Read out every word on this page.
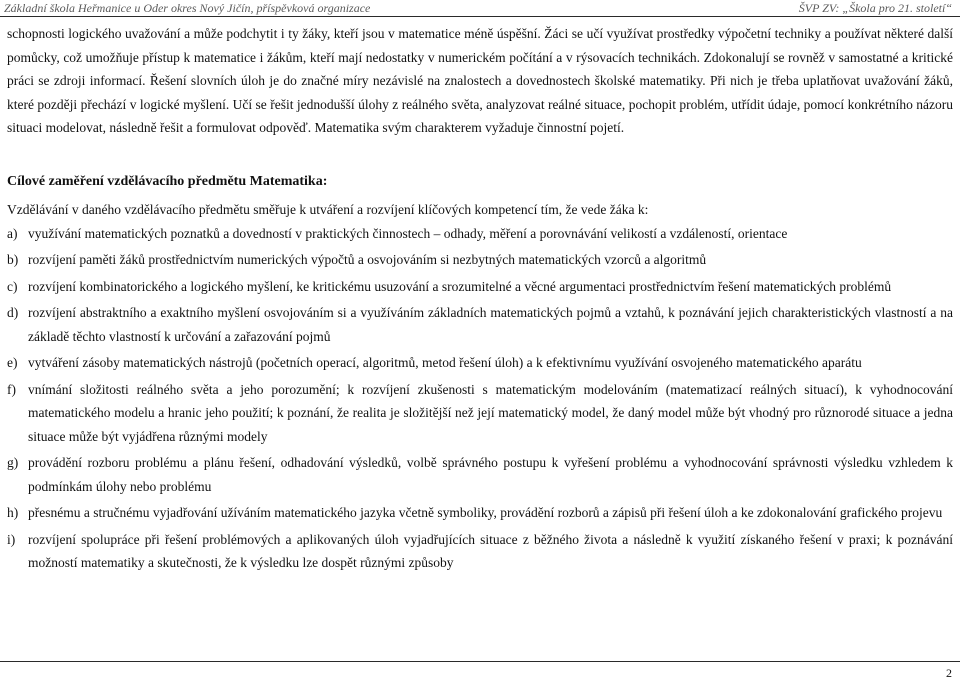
Základní škola Heřmanice u Oder okres Nový Jičín, příspěvková organizace	ŠVP ZV: „Škola pro 21. století“

schopnosti logického uvažování a může podchytit i ty žáky, kteří jsou v matematice méně úspěšní. Žáci se učí využívat prostředky výpočetní techniky a používat některé další pomůcky, což umožňuje přístup k matematice i žákům, kteří mají nedostatky v numerickém počítání a v rýsovacích technikách. Zdokonalují se rovněž v samostatné a kritické práci se zdroji informací. Řešení slovních úloh je do značné míry nezávislé na znalostech a dovednostech školské matematiky. Při nich je třeba uplatňovat uvažování žáků, které později přechází v logické myšlení. Učí se řešit jednodušší úlohy z reálného světa, analyzovat reálné situace, pochopit problém, utřídit údaje, pomocí konkrétního názoru situaci modelovat, následně řešit a formulovat odpověď. Matematika svým charakterem vyžaduje činnostní pojetí.

Cílové zaměření vzdělávacího předmětu Matematika:

Vzdělávání v daného vzdělávacího předmětu směřuje k utváření a rozvíjení klíčových kompetencí tím, že vede žáka k:

a) využívání matematických poznatků a dovedností v praktických činnostech – odhady, měření a porovnávání velikostí a vzdáleností, orientace
b) rozvíjení paměti žáků prostřednictvím numerických výpočtů a osvojováním si nezbytných matematických vzorců a algoritmů
c) rozvíjení kombinatorického a logického myšlení, ke kritickému usuzování a srozumitelné a věcné argumentaci prostřednictvím řešení matematických problémů
d) rozvíjení abstraktního a exaktního myšlení osvojováním si a využíváním základních matematických pojmů a vztahů, k poznávání jejich charakteristických vlastností a na základě těchto vlastností k určování a zařazování pojmů
e) vytváření zásoby matematických nástrojů (početních operací, algoritmů, metod řešení úloh) a k efektivnímu využívání osvojeného matematického aparátu
f) vnímání složitosti reálného světa a jeho porozumění; k rozvíjení zkušenosti s matematickým modelováním (matematizací reálných situací), k vyhodnocování matematického modelu a hranic jeho použití; k poznání, že realita je složitější než její matematický model, že daný model může být vhodný pro různorodé situace a jedna situace může být vyjádřena různými modely
g) provádění rozboru problému a plánu řešení, odhadování výsledků, volbě správného postupu k vyřešení problému a vyhodnocování správnosti výsledku vzhledem k podmínkám úlohy nebo problému
h) přesnému a stručnému vyjadřování užíváním matematického jazyka včetně symboliky, provádění rozborů a zápisů při řešení úloh a ke zdokonalování grafického projevu
i) rozvíjení spolupráce při řešení problémových a aplikovaných úloh vyjadřujících situace z běžného života a následně k využití získaného řešení v praxi; k poznávání možností matematiky a skutečnosti, že k výsledku lze dospět různými způsoby
2
